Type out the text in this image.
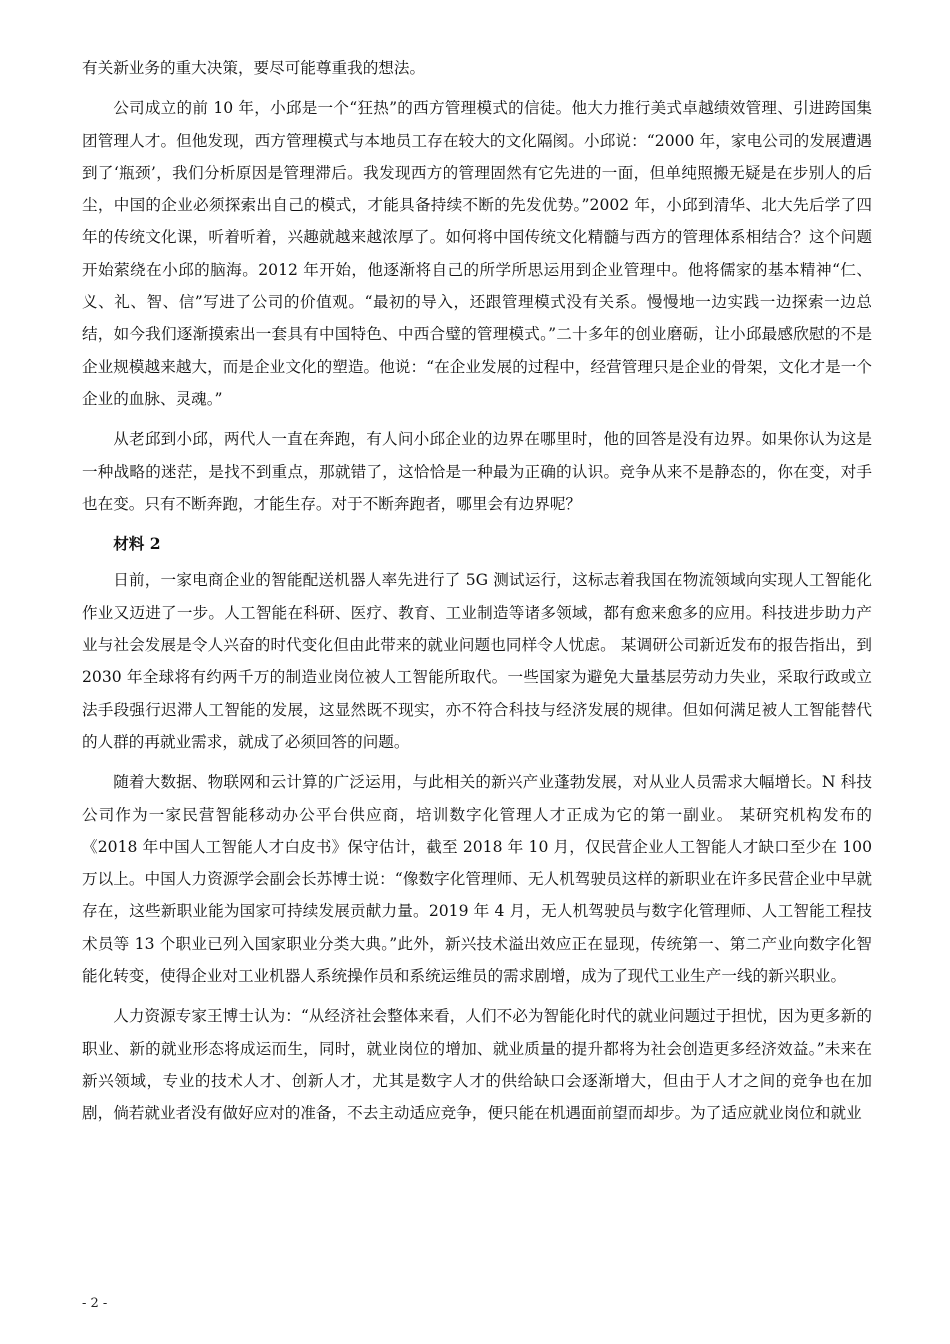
有关新业务的重大决策，要尽可能尊重我的想法。

公司成立的前 10 年，小邱是一个“狂热”的西方管理模式的信徒。他大力推行美式卓越绩效管理、引进跨国集团管理人才。但他发现，西方管理模式与本地员工存在较大的文化隔阂。小邱说：“2000 年，家电公司的发展遭遇到了‘瓶颈’，我们分析原因是管理滞后。我发现西方的管理固然有它先进的一面，但单纯照搬无疑是在步别人的后尘，中国的企业必须探索出自己的模式，才能具备持续不断的先发优势。”2002 年，小邱到清华、北大先后学了四年的传统文化课，听着听着，兴趣就越来越浓厚了。如何将中国传统文化精髓与西方的管理体系相结合？这个问题开始萦绕在小邱的脑海。2012 年开始，他逐渐将自己的所学所思运用到企业管理中。他将儒家的基本精神“仁、义、礼、智、信”写进了公司的价值观。“最初的导入，还跟管理模式没有关系。慢慢地一边实践一边探索一边总结，如今我们逐渐摸索出一套具有中国特色、中西合璧的管理模式。”二十多年的创业磨砺，让小邱最感欣慰的不是企业规模越来越大，而是企业文化的塑造。他说：“在企业发展的过程中，经营管理只是企业的骨架，文化才是一个企业的血脉、灵魂。”

从老邱到小邱，两代人一直在奔跑，有人问小邱企业的边界在哪里时，他的回答是没有边界。如果你认为这是一种战略的迷茫，是找不到重点，那就错了，这恰恰是一种最为正确的认识。竞争从来不是静态的，你在变，对手也在变。只有不断奔跑，才能生存。对于不断奔跑者，哪里会有边界呢？

材料 2

日前，一家电商企业的智能配送机器人率先进行了 5G 测试运行，这标志着我国在物流领域向实现人工智能化作业又迈进了一步。人工智能在科研、医疗、教育、工业制造等诸多领域，都有愈来愈多的应用。科技进步助力产业与社会发展是令人兴奋的时代变化但由此带来的就业问题也同样令人忧虑。 某调研公司新近发布的报告指出，到 2030 年全球将有约两千万的制造业岗位被人工智能所取代。一些国家为避免大量基层劳动力失业，采取行政或立法手段强行迟滞人工智能的发展，这显然既不现实，亦不符合科技与经济发展的规律。但如何满足被人工智能替代的人群的再就业需求，就成了必须回答的问题。

随着大数据、物联网和云计算的广泛运用，与此相关的新兴产业蓬勃发展，对从业人员需求大幅增长。N 科技公司作为一家民营智能移动办公平台供应商，培训数字化管理人才正成为它的第一副业。 某研究机构发布的《2018 年中国人工智能人才白皮书》保守估计，截至 2018 年 10 月，仅民营企业人工智能人才缺口至少在 100 万以上。中国人力资源学会副会长苏博士说：“像数字化管理师、无人机驾驶员这样的新职业在许多民营企业中早就存在，这些新职业能为国家可持续发展贡献力量。2019 年 4 月，无人机驾驶员与数字化管理师、人工智能工程技术员等 13 个职业已列入国家职业分类大典。”此外，新兴技术溢出效应正在显现，传统第一、第二产业向数字化智能化转变，使得企业对工业机器人系统操作员和系统运维员的需求剧增，成为了现代工业生产一线的新兴职业。

人力资源专家王博士认为：“从经济社会整体来看，人们不必为智能化时代的就业问题过于担忧，因为更多新的职业、新的就业形态将成运而生，同时，就业岗位的增加、就业质量的提升都将为社会创造更多经济效益。”未来在新兴领域，专业的技术人才、创新人才，尤其是数字人才的供给缺口会逐渐增大，但由于人才之间的竞争也在加剧，倘若就业者没有做好应对的准备，不去主动适应竞争，便只能在机遇面前望而却步。为了适应就业岗位和就业

- 2 -
